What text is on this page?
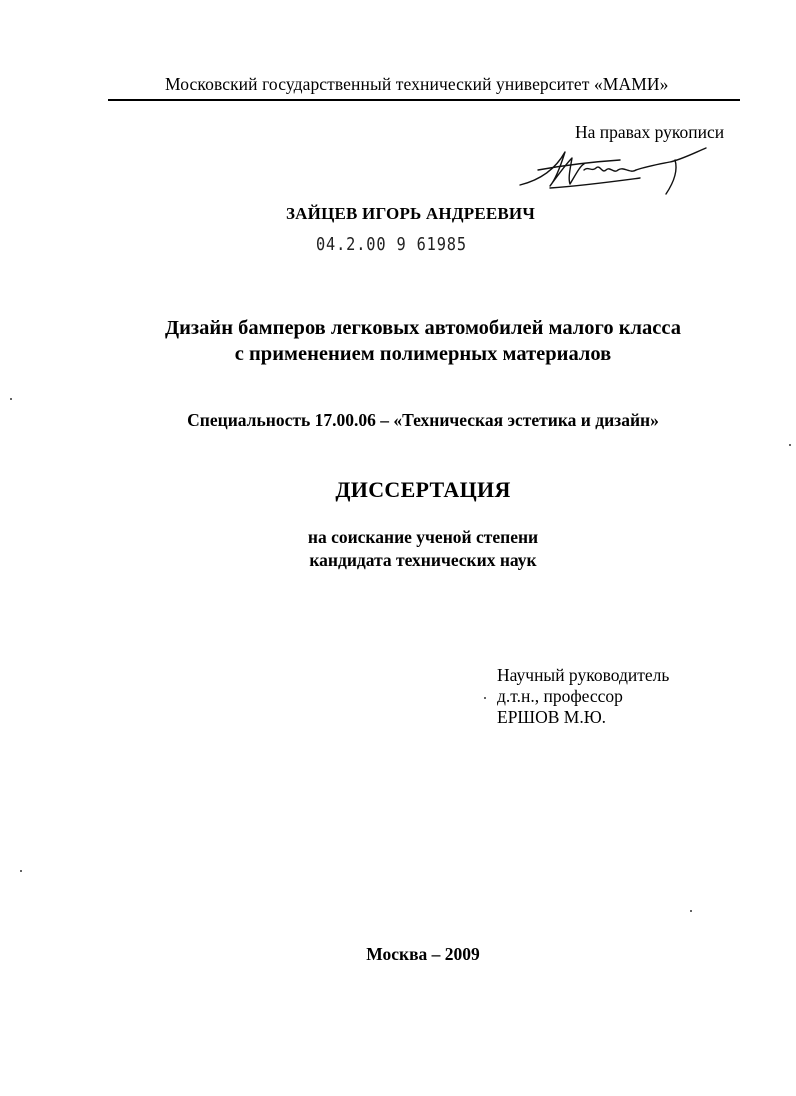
Московский государственный технический университет «МАМИ»
На правах рукописи
ЗАЙЦЕВ ИГОРЬ АНДРЕЕВИЧ
04.2.00 9 61985
Дизайн бамперов легковых автомобилей малого класса
с применением полимерных материалов
Специальность 17.00.06 – «Техническая эстетика и дизайн»
ДИССЕРТАЦИЯ
на соискание ученой степени
кандидата технических наук
Научный руководитель
д.т.н., профессор
ЕРШОВ М.Ю.
Москва – 2009
